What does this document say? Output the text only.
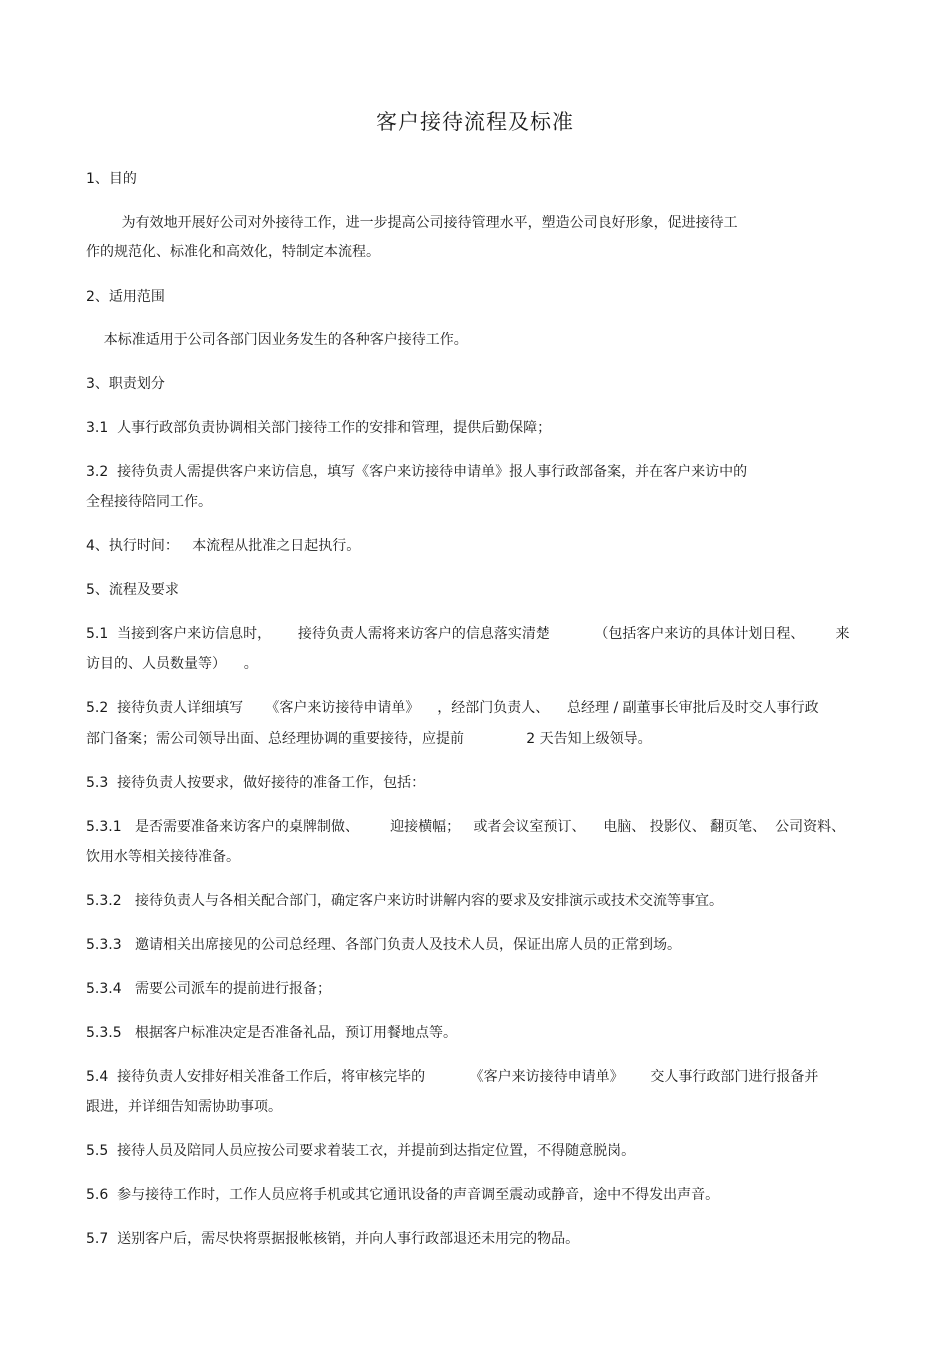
客户接待流程及标准
1、目的
为有效地开展好公司对外接待工作，进一步提高公司接待管理水平，塑造公司良好形象，促进接待工
作的规范化、标准化和高效化，特制定本流程。
2、适用范围
本标准适用于公司各部门因业务发生的各种客户接待工作。
3、职责划分
3.1  人事行政部负责协调相关部门接待工作的安排和管理，提供后勤保障；
3.2  接待负责人需提供客户来访信息，填写《客户来访接待申请单》报人事行政部备案，并在客户来访中的
全程接待陪同工作。
4、执行时间：   本流程从批准之日起执行。
5、流程及要求
5.1  当接到客户来访信息时，      接待负责人需将来访客户的信息落实清楚          （包括客户来访的具体计划日程、       来
访目的、人员数量等）    。
5.2  接待负责人详细填写     《客户来访接待申请单》    ，经部门负责人、    总经理 / 副董事长审批后及时交人事行政
部门备案；需公司领导出面、总经理协调的重要接待，应提前              2 天告知上级领导。
5.3  接待负责人按要求，做好接待的准备工作，包括：
5.3.1   是否需要准备来访客户的桌牌制做、       迎接横幅；   或者会议室预订、    电脑、 投影仪、 翻页笔、  公司资料、
饮用水等相关接待准备。
5.3.2   接待负责人与各相关配合部门，确定客户来访时讲解内容的要求及安排演示或技术交流等事宜。
5.3.3   邀请相关出席接见的公司总经理、各部门负责人及技术人员，保证出席人员的正常到场。
5.3.4   需要公司派车的提前进行报备；
5.3.5   根据客户标准决定是否准备礼品，预订用餐地点等。
5.4  接待负责人安排好相关准备工作后，将审核完毕的          《客户来访接待申请单》      交人事行政部门进行报备并
跟进，并详细告知需协助事项。
5.5  接待人员及陪同人员应按公司要求着装工衣，并提前到达指定位置，不得随意脱岗。
5.6  参与接待工作时，工作人员应将手机或其它通讯设备的声音调至震动或静音，途中不得发出声音。
5.7  送别客户后，需尽快将票据报帐核销，并向人事行政部退还未用完的物品。
